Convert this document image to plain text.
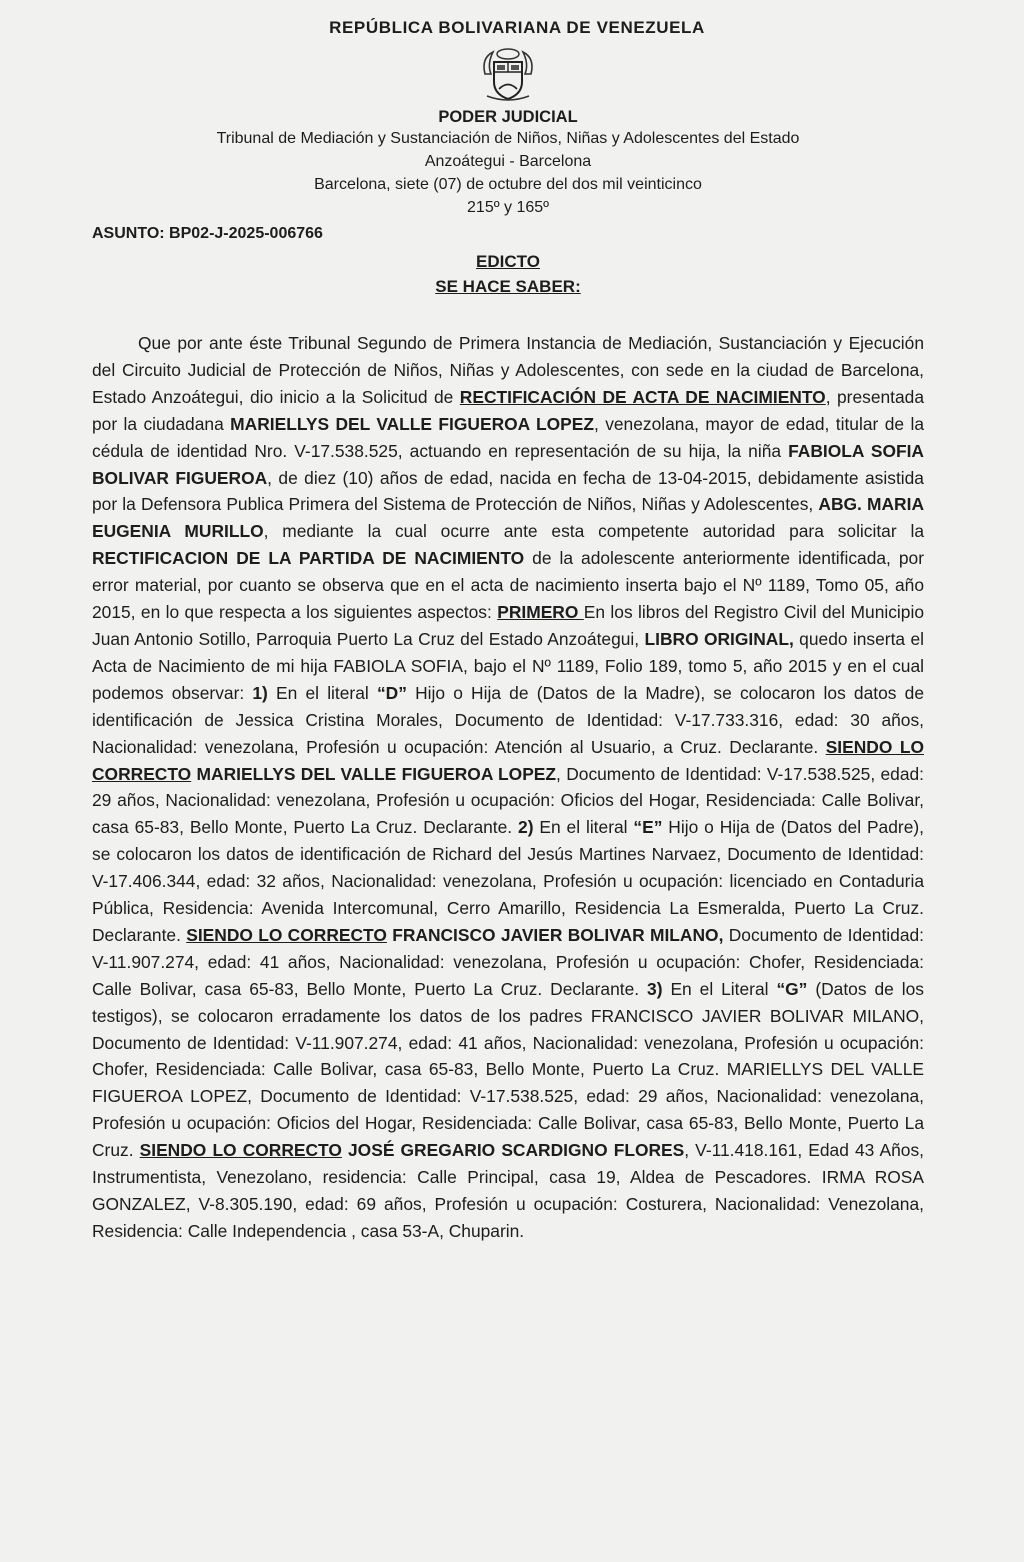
REPÚBLICA BOLIVARIANA DE VENEZUELA

PODER JUDICIAL

Tribunal de Mediación y Sustanciación de Niños, Niñas y Adolescentes del Estado

Anzoátegui - Barcelona

Barcelona, siete (07) de octubre del dos mil veinticinco

215º y 165º

ASUNTO: BP02-J-2025-006766

EDICTO

SE HACE SABER:

Que por ante éste Tribunal Segundo de Primera Instancia de Mediación, Sustanciación y Ejecución del Circuito Judicial de Protección de Niños, Niñas y Adolescentes, con sede en la ciudad de Barcelona, Estado Anzoátegui, dio inicio a la Solicitud de RECTIFICACIÓN DE ACTA DE NACIMIENTO, presentada por la ciudadana MARIELLYS DEL VALLE FIGUEROA LOPEZ, venezolana, mayor de edad, titular de la cédula de identidad Nro. V-17.538.525, actuando en representación de su hija, la niña FABIOLA SOFIA BOLIVAR FIGUEROA, de diez (10) años de edad, nacida en fecha de 13-04-2015, debidamente asistida por la Defensora Publica Primera del Sistema de Protección de Niños, Niñas y Adolescentes, ABG. MARIA EUGENIA MURILLO, mediante la cual ocurre ante esta competente autoridad para solicitar la RECTIFICACION DE LA PARTIDA DE NACIMIENTO de la adolescente anteriormente identificada, por error material, por cuanto se observa que en el acta de nacimiento inserta bajo el Nº 1189, Tomo 05, año 2015, en lo que respecta a los siguientes aspectos: PRIMERO En los libros del Registro Civil del Municipio Juan Antonio Sotillo, Parroquia Puerto La Cruz del Estado Anzoátegui, LIBRO ORIGINAL, quedo inserta el Acta de Nacimiento de mi hija FABIOLA SOFIA, bajo el Nº 1189, Folio 189, tomo 5, año 2015 y en el cual podemos observar: 1) En el literal “D” Hijo o Hija de (Datos de la Madre), se colocaron los datos de identificación de Jessica Cristina Morales, Documento de Identidad: V-17.733.316, edad: 30 años, Nacionalidad: venezolana, Profesión u ocupación: Atención al Usuario, a Cruz. Declarante. SIENDO LO CORRECTO MARIELLYS DEL VALLE FIGUEROA LOPEZ, Documento de Identidad: V-17.538.525, edad: 29 años, Nacionalidad: venezolana, Profesión u ocupación: Oficios del Hogar, Residenciada: Calle Bolivar, casa 65-83, Bello Monte, Puerto La Cruz. Declarante. 2) En el literal “E” Hijo o Hija de (Datos del Padre), se colocaron los datos de identificación de Richard del Jesús Martines Narvaez, Documento de Identidad: V-17.406.344, edad: 32 años, Nacionalidad: venezolana, Profesión u ocupación: licenciado en Contaduria Pública, Residencia: Avenida Intercomunal, Cerro Amarillo, Residencia La Esmeralda, Puerto La Cruz. Declarante. SIENDO LO CORRECTO FRANCISCO JAVIER BOLIVAR MILANO, Documento de Identidad: V-11.907.274, edad: 41 años, Nacionalidad: venezolana, Profesión u ocupación: Chofer, Residenciada: Calle Bolivar, casa 65-83, Bello Monte, Puerto La Cruz. Declarante. 3) En el Literal “G” (Datos de los testigos), se colocaron erradamente los datos de los padres FRANCISCO JAVIER BOLIVAR MILANO, Documento de Identidad: V-11.907.274, edad: 41 años, Nacionalidad: venezolana, Profesión u ocupación: Chofer, Residenciada: Calle Bolivar, casa 65-83, Bello Monte, Puerto La Cruz. MARIELLYS DEL VALLE FIGUEROA LOPEZ, Documento de Identidad: V-17.538.525, edad: 29 años, Nacionalidad: venezolana, Profesión u ocupación: Oficios del Hogar, Residenciada: Calle Bolivar, casa 65-83, Bello Monte, Puerto La Cruz. SIENDO LO CORRECTO JOSÉ GREGARIO SCARDIGNO FLORES, V-11.418.161, Edad 43 Años, Instrumentista, Venezolano, residencia: Calle Principal, casa 19, Aldea de Pescadores. IRMA ROSA GONZALEZ, V-8.305.190, edad: 69 años, Profesión u ocupación: Costurera, Nacionalidad: Venezolana, Residencia: Calle Independencia , casa 53-A, Chuparin.
